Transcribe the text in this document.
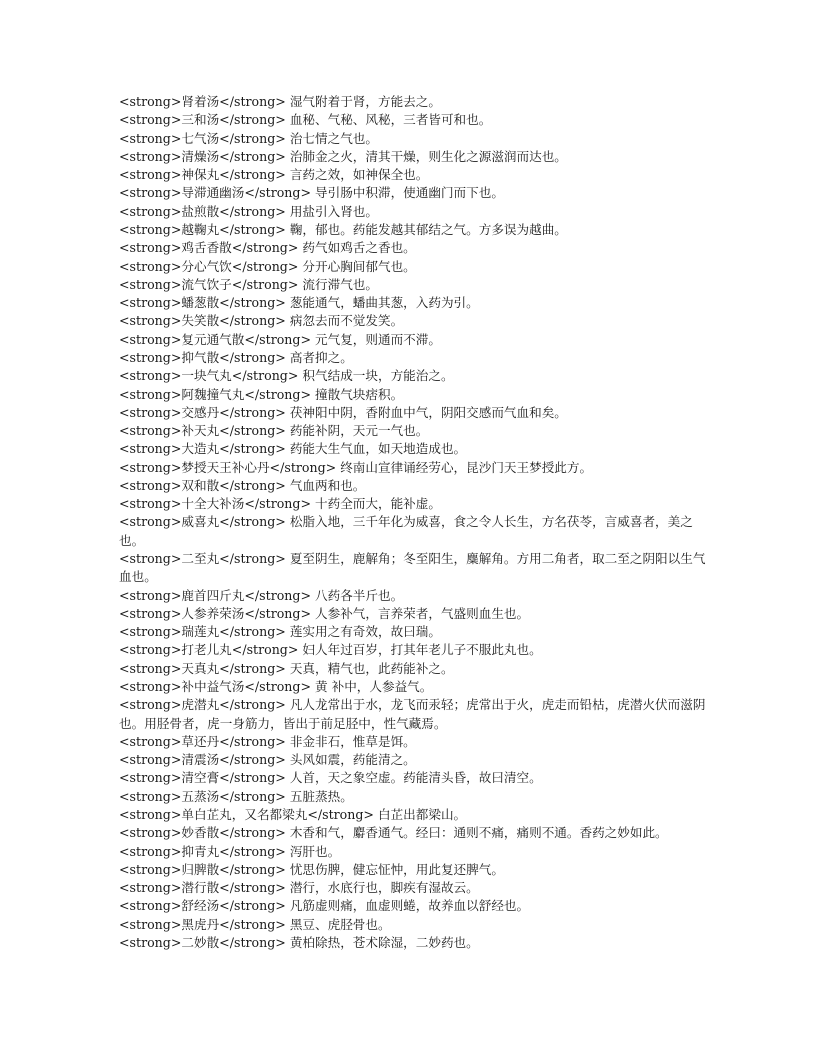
<strong>肾着汤</strong> 湿气附着于肾，方能去之。

<strong>三和汤</strong> 血秘、气秘、风秘，三者皆可和也。

<strong>七气汤</strong> 治七情之气也。

<strong>清燥汤</strong> 治肺金之火，清其干燥，则生化之源滋润而达也。

<strong>神保丸</strong> 言药之效，如神保全也。

<strong>导滞通幽汤</strong> 导引肠中积滞，使通幽门而下也。

<strong>盐煎散</strong> 用盐引入肾也。

<strong>越鞠丸</strong> 鞠，郁也。药能发越其郁结之气。方多误为越曲。

<strong>鸡舌香散</strong> 药气如鸡舌之香也。

<strong>分心气饮</strong> 分开心胸间郁气也。

<strong>流气饮子</strong> 流行滞气也。

<strong>蟠葱散</strong> 葱能通气，蟠曲其葱，入药为引。

<strong>失笑散</strong> 病忽去而不觉发笑。

<strong>复元通气散</strong> 元气复，则通而不滞。

<strong>抑气散</strong> 高者抑之。

<strong>一块气丸</strong> 积气结成一块，方能治之。

<strong>阿魏撞气丸</strong> 撞散气块痞积。

<strong>交感丹</strong> 茯神阳中阴，香附血中气，阴阳交感而气血和矣。

<strong>补天丸</strong> 药能补阴，天元一气也。

<strong>大造丸</strong> 药能大生气血，如天地造成也。

<strong>梦授天王补心丹</strong> 终南山宣律诵经劳心，昆沙门天王梦授此方。

<strong>双和散</strong> 气血两和也。

<strong>十全大补汤</strong> 十药全而大，能补虚。

<strong>威喜丸</strong> 松脂入地，三千年化为威喜，食之令人长生，方名茯苓，言威喜者，美之也。

<strong>二至丸</strong> 夏至阴生，鹿解角；冬至阳生，麋解角。方用二角者，取二至之阴阳以生气血也。

<strong>鹿首四斤丸</strong> 八药各半斤也。

<strong>人参养荣汤</strong> 人参补气，言养荣者，气盛则血生也。

<strong>瑞莲丸</strong> 莲实用之有奇效，故曰瑞。

<strong>打老儿丸</strong> 妇人年过百岁，打其年老儿子不服此丸也。

<strong>天真丸</strong> 天真，精气也，此药能补之。

<strong>补中益气汤</strong> 黄 补中，人参益气。

<strong>虎潜丸</strong> 凡人龙常出于水，龙飞而汞轻；虎常出于火，虎走而铅枯，虎潜火伏而滋阴也。用胫骨者，虎一身筋力，皆出于前足胫中，性气藏焉。

<strong>草还丹</strong> 非金非石，惟草是饵。

<strong>清震汤</strong> 头风如震，药能清之。

<strong>清空膏</strong> 人首，天之象空虚。药能清头昏，故曰清空。

<strong>五蒸汤</strong> 五脏蒸热。

<strong>单白芷丸，又名都梁丸</strong> 白芷出都梁山。

<strong>妙香散</strong> 木香和气，麝香通气。经曰：通则不痛，痛则不通。香药之妙如此。

<strong>抑青丸</strong> 泻肝也。

<strong>归脾散</strong> 忧思伤脾，健忘怔忡，用此复还脾气。

<strong>潜行散</strong> 潜行，水底行也，脚疾有湿故云。

<strong>舒经汤</strong> 凡筋虚则痛，血虚则蜷，故养血以舒经也。

<strong>黑虎丹</strong> 黑豆、虎胫骨也。

<strong>二妙散</strong> 黄柏除热，苍术除湿，二妙药也。
